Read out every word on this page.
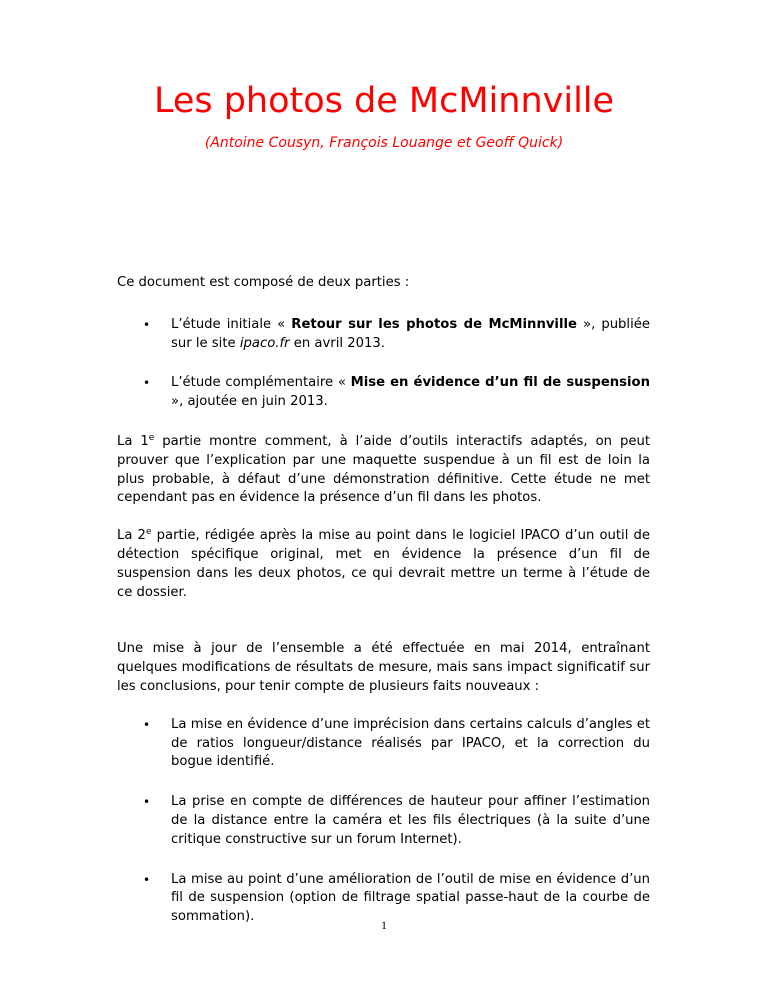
Les photos de McMinnville
(Antoine Cousyn, François Louange et Geoff Quick)

Ce document est composé de deux parties :

• L’étude initiale « Retour sur les photos de McMinnville », publiée sur le site ipaco.fr en avril 2013.
• L’étude complémentaire « Mise en évidence d’un fil de suspension », ajoutée en juin 2013.

La 1e partie montre comment, à l’aide d’outils interactifs adaptés, on peut prouver que l’explication par une maquette suspendue à un fil est de loin la plus probable, à défaut d’une démonstration définitive. Cette étude ne met cependant pas en évidence la présence d’un fil dans les photos.

La 2e partie, rédigée après la mise au point dans le logiciel IPACO d’un outil de détection spécifique original, met en évidence la présence d’un fil de suspension dans les deux photos, ce qui devrait mettre un terme à l’étude de ce dossier.

Une mise à jour de l’ensemble a été effectuée en mai 2014, entraînant quelques modifications de résultats de mesure, mais sans impact significatif sur les conclusions, pour tenir compte de plusieurs faits nouveaux :

• La mise en évidence d’une imprécision dans certains calculs d’angles et de ratios longueur/distance réalisés par IPACO, et la correction du bogue identifié.
• La prise en compte de différences de hauteur pour affiner l’estimation de la distance entre la caméra et les fils électriques (à la suite d’une critique constructive sur un forum Internet).
• La mise au point d’une amélioration de l’outil de mise en évidence d’un fil de suspension (option de filtrage spatial passe-haut de la courbe de sommation).
1
